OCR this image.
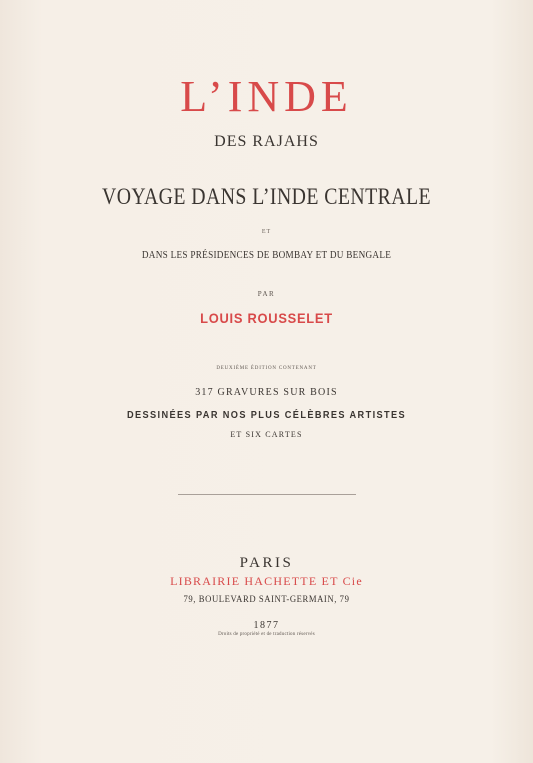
L’INDE
DES RAJAHS
VOYAGE DANS L’INDE CENTRALE
ET
DANS LES PRÉSIDENCES DE BOMBAY ET DU BENGALE
PAR
LOUIS ROUSSELET
DEUXIÈME ÉDITION CONTENANT
317 GRAVURES SUR BOIS
DESSINÉES PAR NOS PLUS CÉLÈBRES ARTISTES
ET SIX CARTES
PARIS
LIBRAIRIE HACHETTE ET Cie
79, BOULEVARD SAINT-GERMAIN, 79
1877
Droits de propriété et de traduction réservés
